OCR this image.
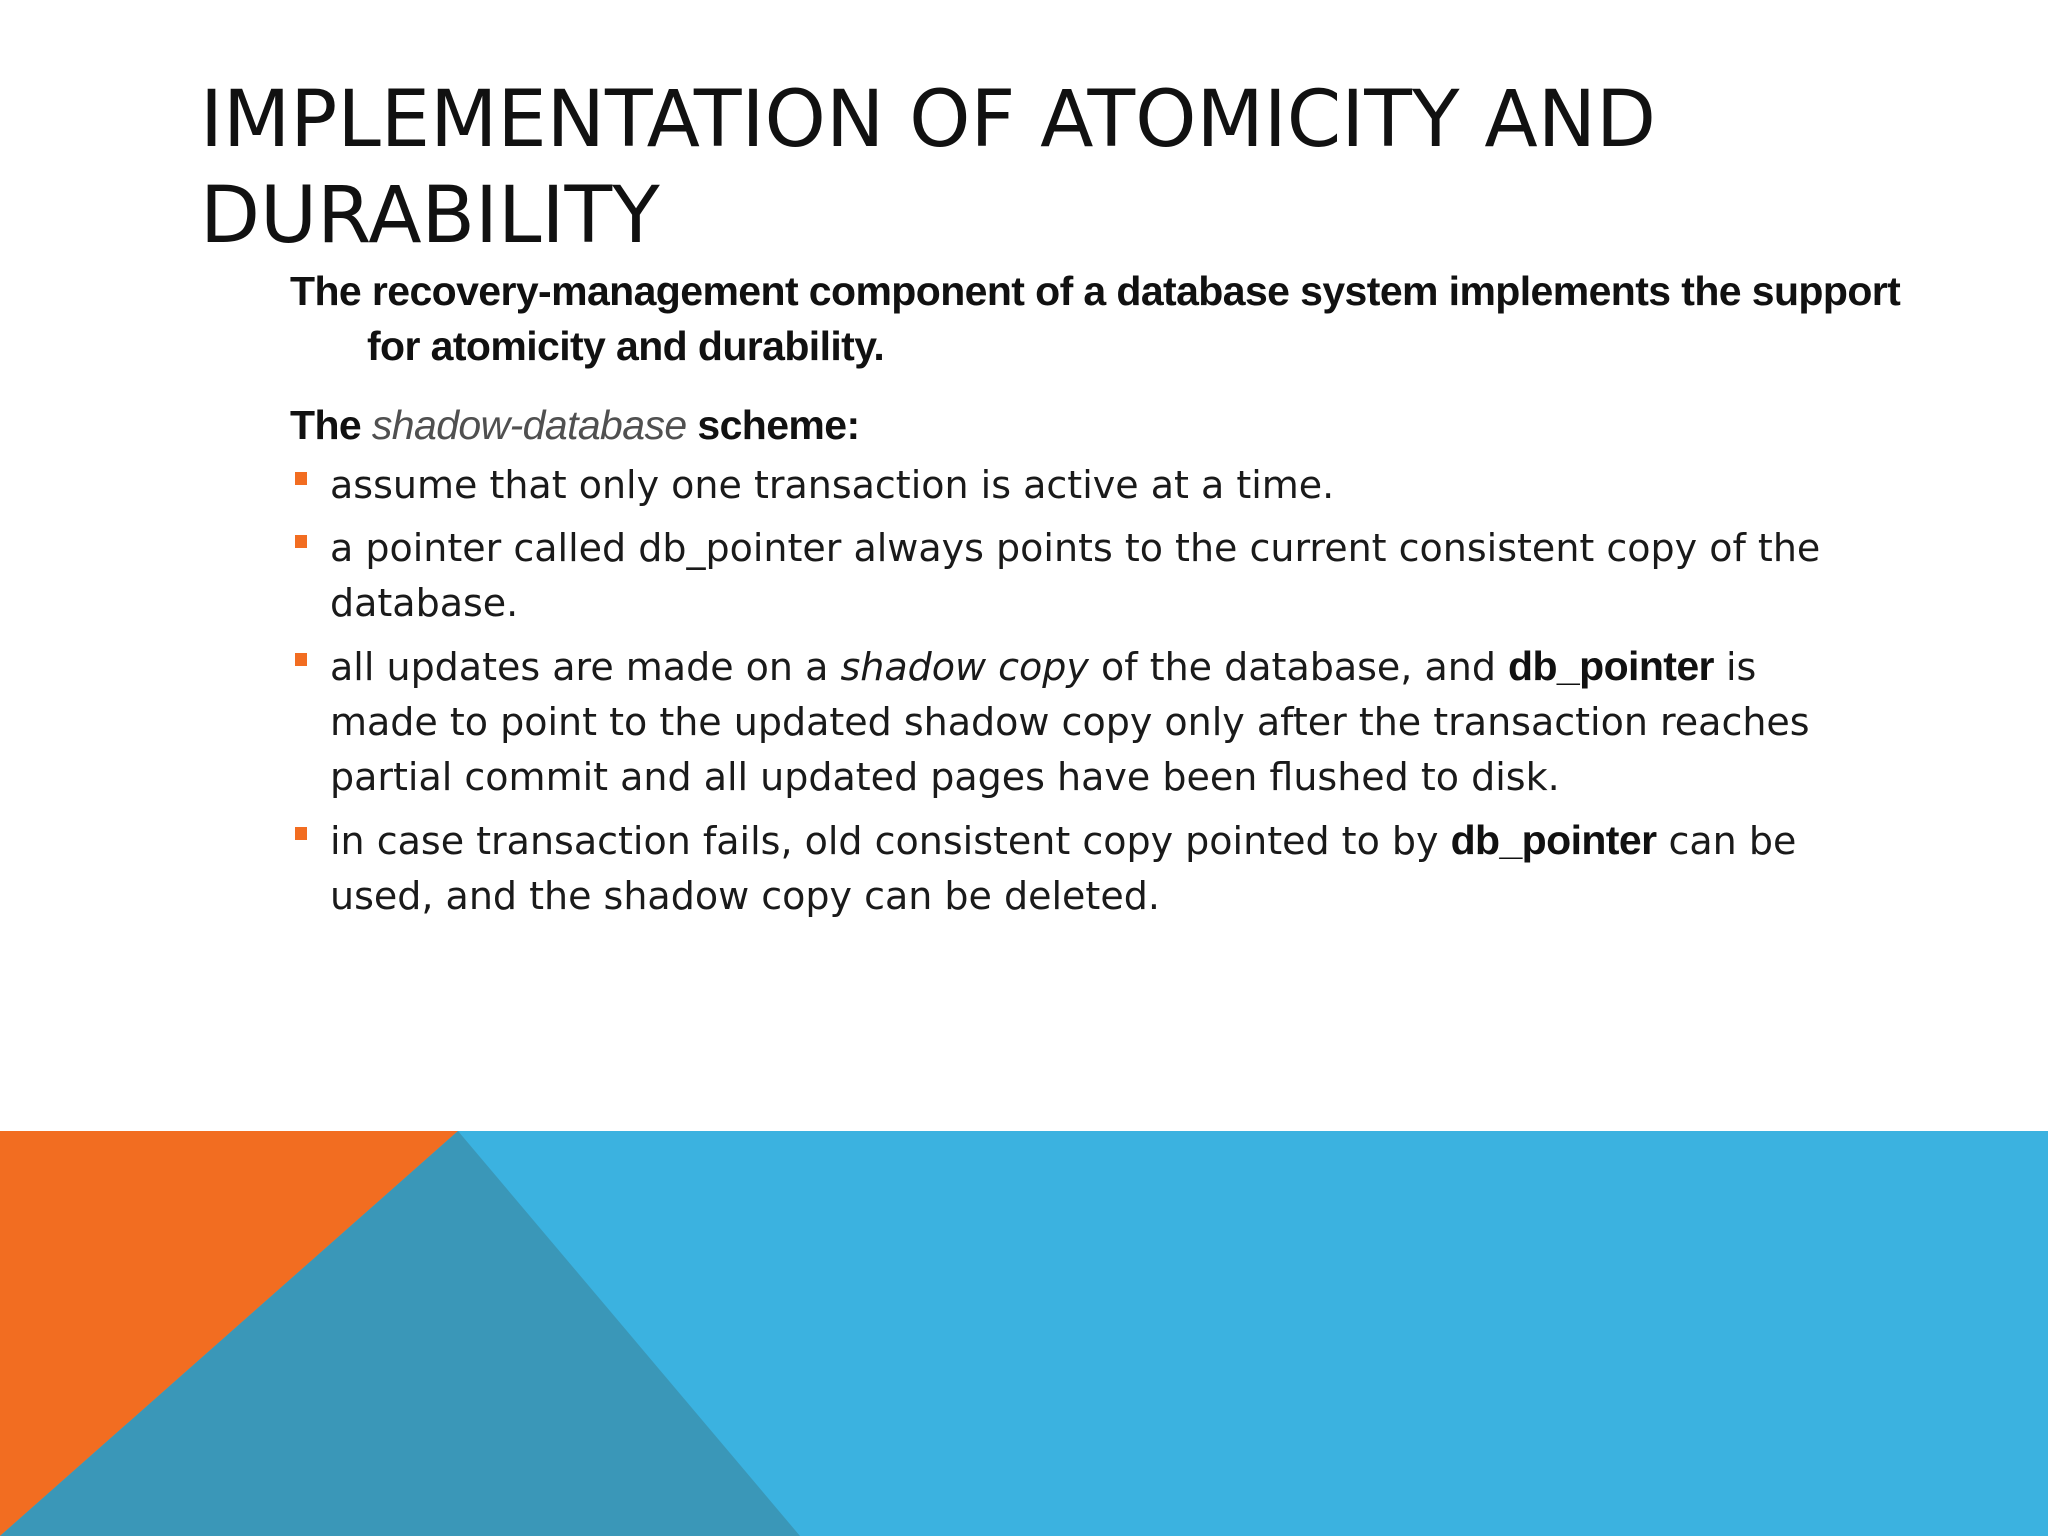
IMPLEMENTATION OF ATOMICITY AND DURABILITY

The recovery-management component of a database system implements the support for atomicity and durability.

The shadow-database scheme:

assume that only one transaction is active at a time.
a pointer called db_pointer always points to the current consistent copy of the database.
all updates are made on a shadow copy of the database, and db_pointer is made to point to the updated shadow copy only after the transaction reaches partial commit and all updated pages have been flushed to disk.
in case transaction fails, old consistent copy pointed to by db_pointer can be used, and the shadow copy can be deleted.
